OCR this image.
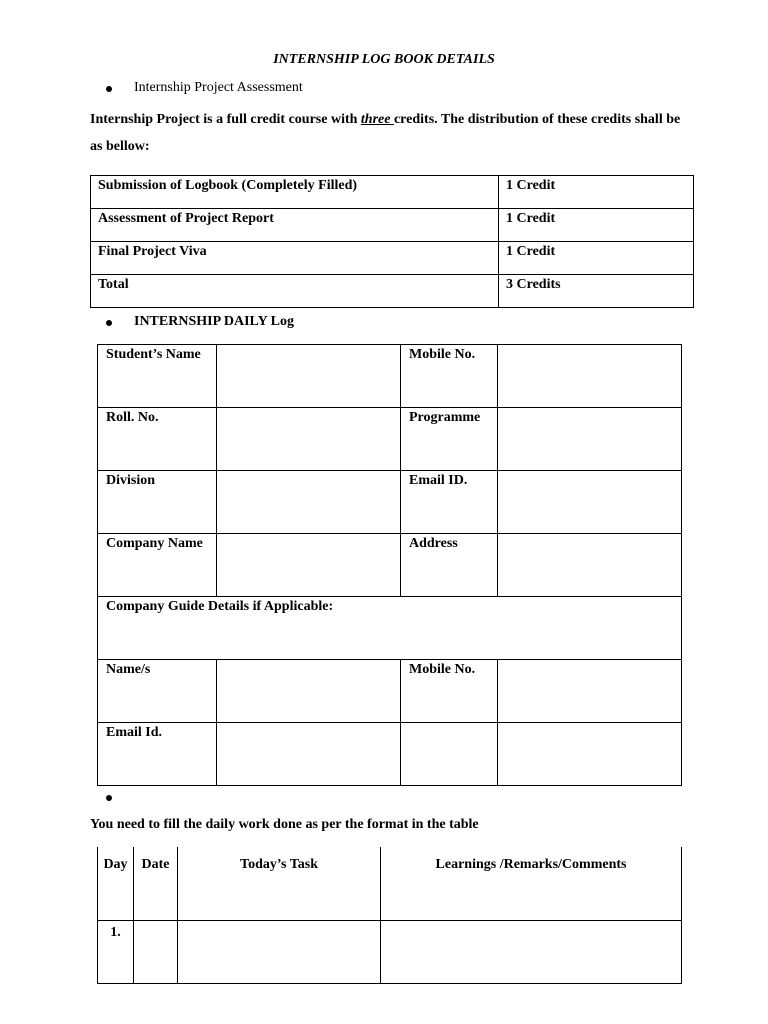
INTERNSHIP LOG BOOK DETAILS
Internship Project Assessment
Internship Project is a full credit course with three credits. The distribution of these credits shall be as bellow:
Submission of Logbook (Completely Filled)	1 Credit
Assessment of Project Report	1 Credit
Final Project Viva	1 Credit
Total	3 Credits
INTERNSHIP DAILY Log
Student’s Name		Mobile No.	
Roll. No.		Programme	
Division		Email ID.	
Company Name		Address	
Company Guide Details if Applicable:			
Name/s		Mobile No.	
Email Id.			
You need to fill the daily work done as per the format in the table
Day	Date	Today’s Task	Learnings /Remarks/Comments
1.			
